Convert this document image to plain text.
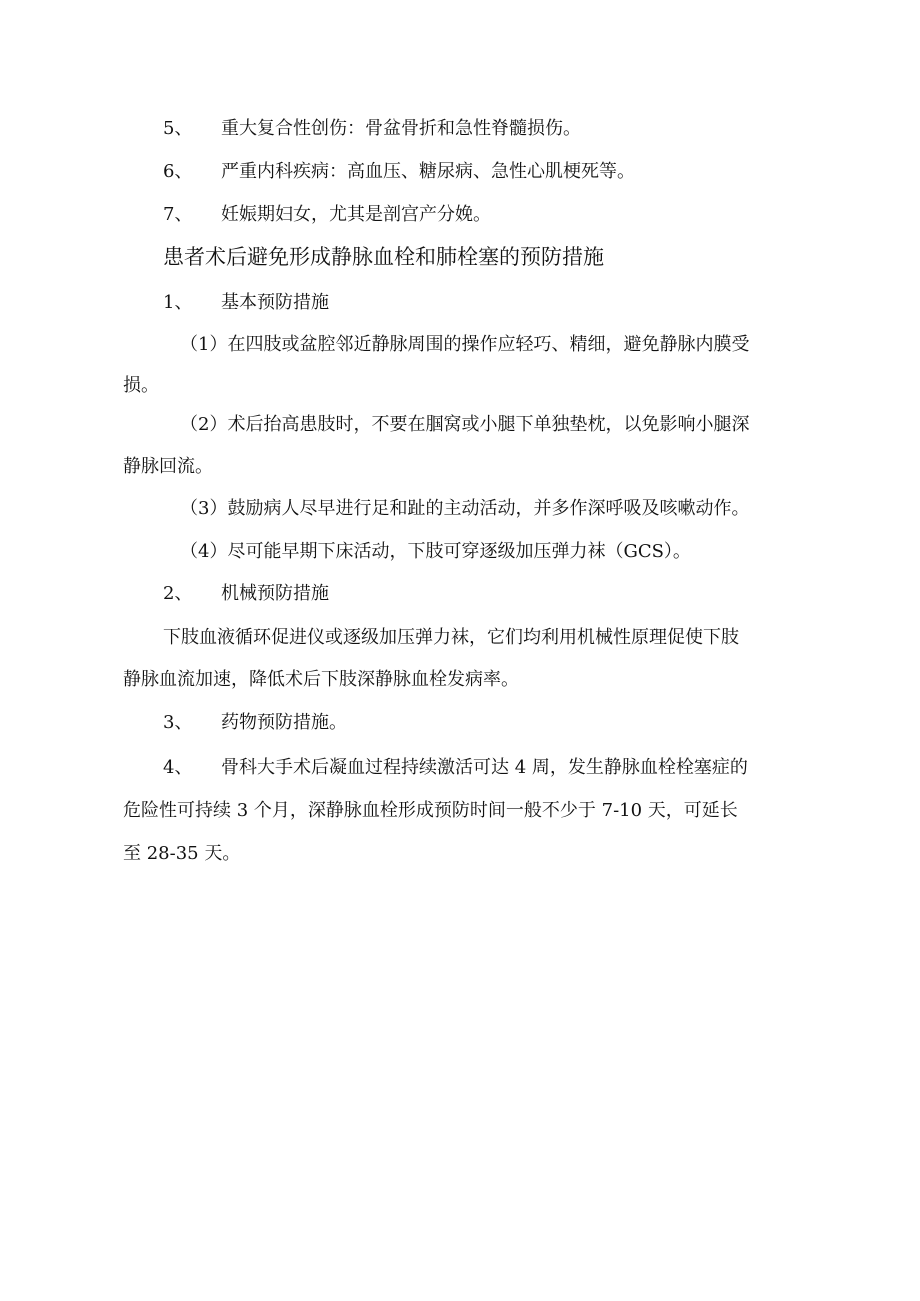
5、 重大复合性创伤：骨盆骨折和急性脊髓损伤。
6、 严重内科疾病：高血压、糖尿病、急性心肌梗死等。
7、 妊娠期妇女，尤其是剖宫产分娩。
患者术后避免形成静脉血栓和肺栓塞的预防措施
1、 基本预防措施
（1）在四肢或盆腔邻近静脉周围的操作应轻巧、精细，避免静脉内膜受
损。
（2）术后抬高患肢时，不要在腘窝或小腿下单独垫枕，以免影响小腿深
静脉回流。
（3）鼓励病人尽早进行足和趾的主动活动，并多作深呼吸及咳嗽动作。
（4）尽可能早期下床活动，下肢可穿逐级加压弹力袜（GCS）。
2、 机械预防措施
下肢血液循环促进仪或逐级加压弹力袜，它们均利用机械性原理促使下肢
静脉血流加速，降低术后下肢深静脉血栓发病率。
3、 药物预防措施。
4、 骨科大手术后凝血过程持续激活可达 4 周，发生静脉血栓栓塞症的
危险性可持续 3 个月，深静脉血栓形成预防时间一般不少于 7-10 天，可延长
至 28-35 天。
